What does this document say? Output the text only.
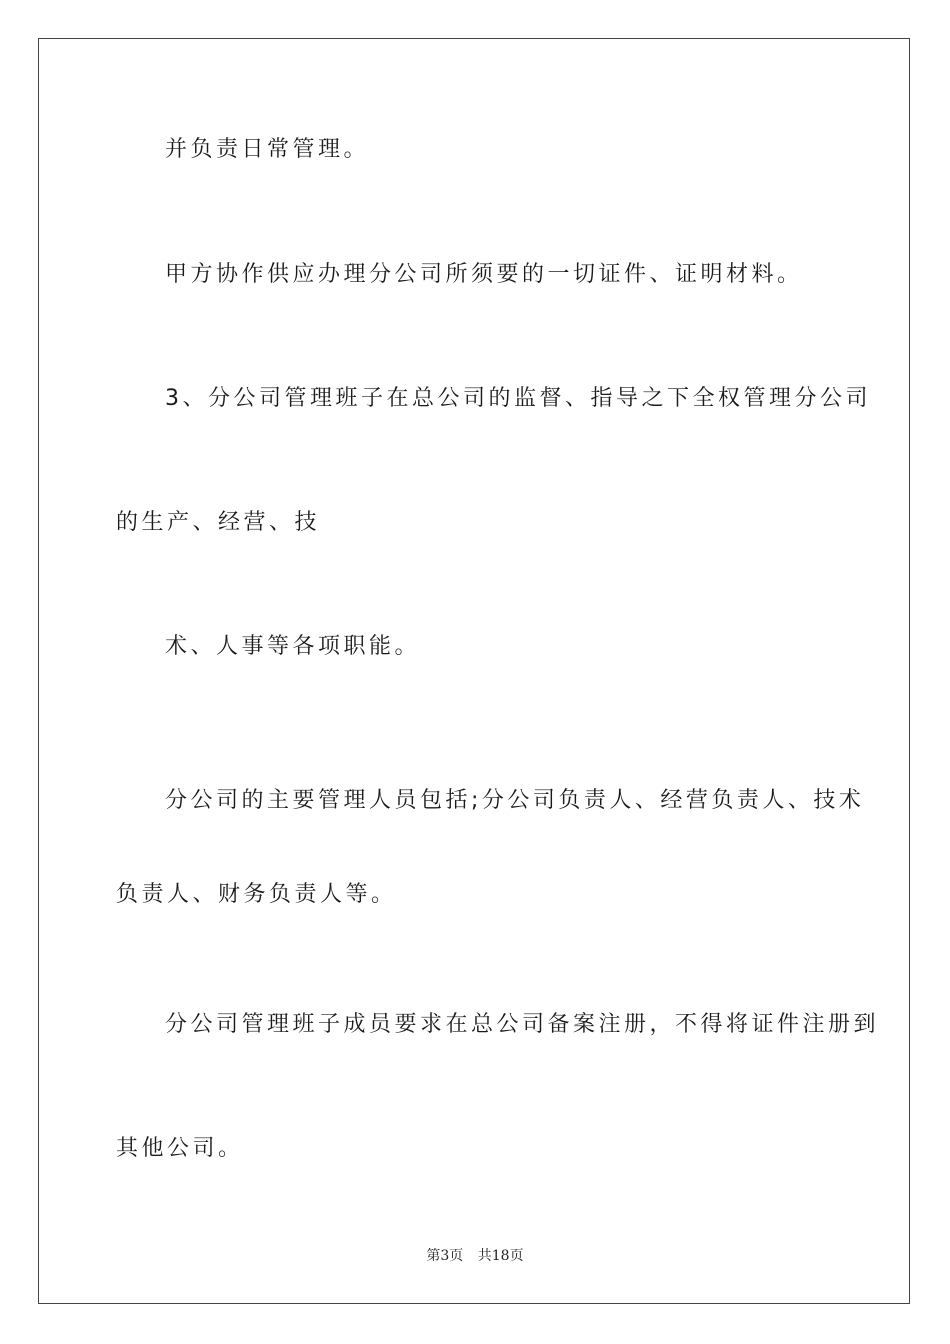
并负责日常管理。

甲方协作供应办理分公司所须要的一切证件、证明材料。

3、分公司管理班子在总公司的监督、指导之下全权管理分公司

的生产、经营、技

术、人事等各项职能。

分公司的主要管理人员包括;分公司负责人、经营负责人、技术

负责人、财务负责人等。

分公司管理班子成员要求在总公司备案注册，不得将证件注册到

其他公司。

第3页 共18页
